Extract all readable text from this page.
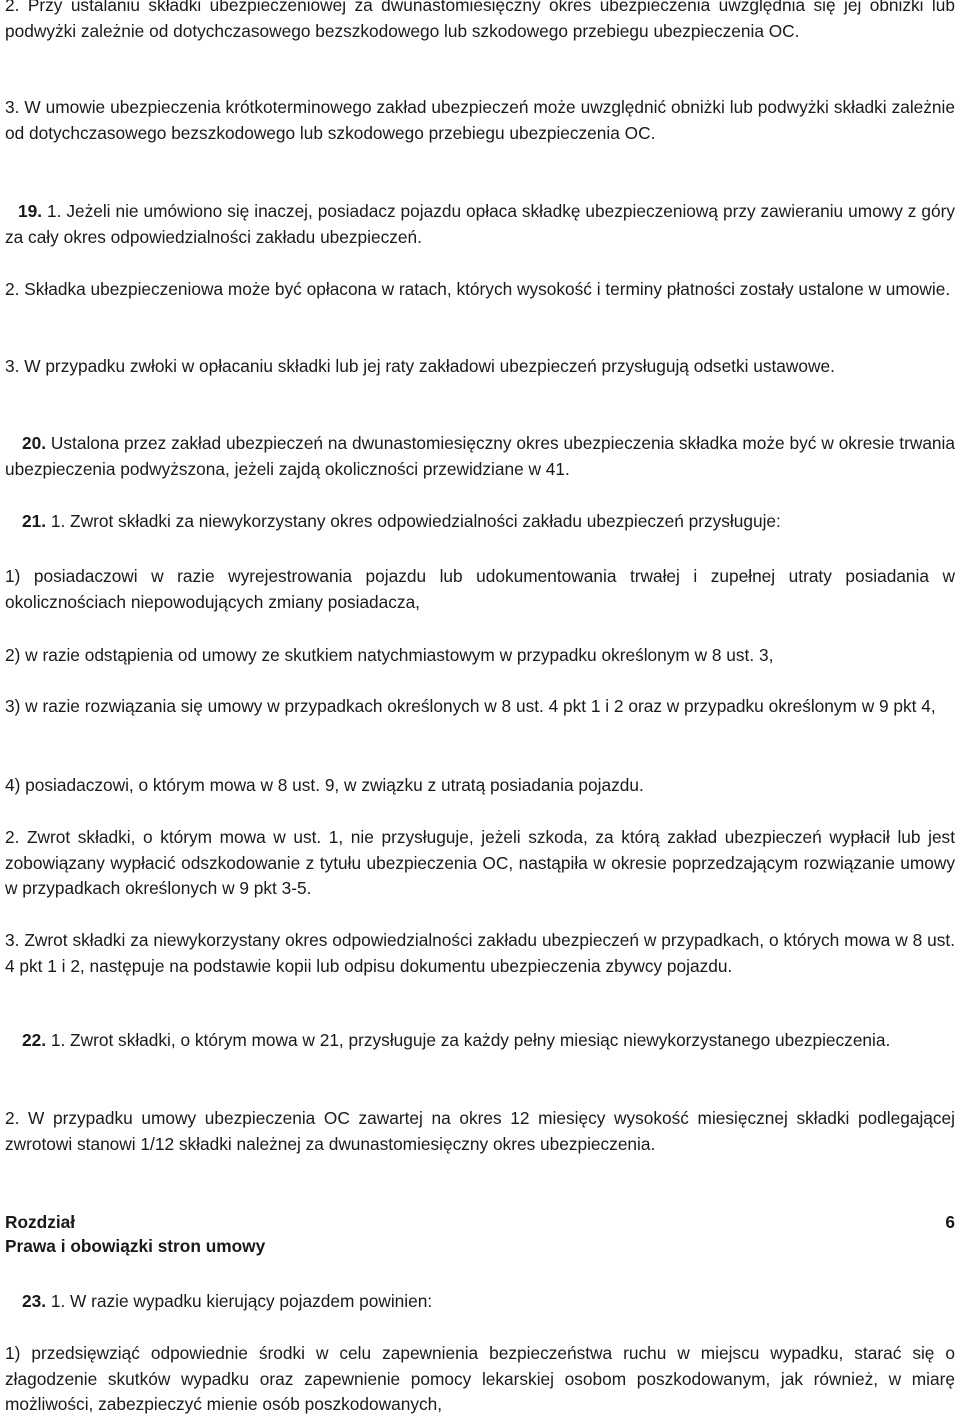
2. Przy ustalaniu składki ubezpieczeniowej za dwunastomiesięczny okres ubezpieczenia uwzględnia się jej obniżki lub podwyżki zależnie od dotychczasowego bezszkodowego lub szkodowego przebiegu ubezpieczenia OC.

3. W umowie ubezpieczenia krótkoterminowego zakład ubezpieczeń może uwzględnić obniżki lub podwyżki składki zależnie od dotychczasowego bezszkodowego lub szkodowego przebiegu ubezpieczenia OC.

19. 1. Jeżeli nie umówiono się inaczej, posiadacz pojazdu opłaca składkę ubezpieczeniową przy zawieraniu umowy z góry za cały okres odpowiedzialności zakładu ubezpieczeń.

2. Składka ubezpieczeniowa może być opłacona w ratach, których wysokość i terminy płatności zostały ustalone w umowie.

3. W przypadku zwłoki w opłacaniu składki lub jej raty zakładowi ubezpieczeń przysługują odsetki ustawowe.

20. Ustalona przez zakład ubezpieczeń na dwunastomiesięczny okres ubezpieczenia składka może być w okresie trwania ubezpieczenia podwyższona, jeżeli zajdą okoliczności przewidziane w 41.

21. 1. Zwrot składki za niewykorzystany okres odpowiedzialności zakładu ubezpieczeń przysługuje:

1) posiadaczowi w razie wyrejestrowania pojazdu lub udokumentowania trwałej i zupełnej utraty posiadania w okolicznościach niepowodujących zmiany posiadacza,

2) w razie odstąpienia od umowy ze skutkiem natychmiastowym w przypadku określonym w 8 ust. 3,

3) w razie rozwiązania się umowy w przypadkach określonych w 8 ust. 4 pkt 1 i 2 oraz w przypadku określonym w 9 pkt 4,

4) posiadaczowi, o którym mowa w 8 ust. 9, w związku z utratą posiadania pojazdu.

2. Zwrot składki, o którym mowa w ust. 1, nie przysługuje, jeżeli szkoda, za którą zakład ubezpieczeń wypłacił lub jest zobowiązany wypłacić odszkodowanie z tytułu ubezpieczenia OC, nastąpiła w okresie poprzedzającym rozwiązanie umowy w przypadkach określonych w 9 pkt 3-5.

3. Zwrot składki za niewykorzystany okres odpowiedzialności zakładu ubezpieczeń w przypadkach, o których mowa w 8 ust. 4 pkt 1 i 2, następuje na podstawie kopii lub odpisu dokumentu ubezpieczenia zbywcy pojazdu.

22. 1. Zwrot składki, o którym mowa w 21, przysługuje za każdy pełny miesiąc niewykorzystanego ubezpieczenia.

2. W przypadku umowy ubezpieczenia OC zawartej na okres 12 miesięcy wysokość miesięcznej składki podlegającej zwrotowi stanowi 1/12 składki należnej za dwunastomiesięczny okres ubezpieczenia.

Rozdział	6
Prawa i obowiązki stron umowy

23. 1. W razie wypadku kierujący pojazdem powinien:

1) przedsięwziąć odpowiednie środki w celu zapewnienia bezpieczeństwa ruchu w miejscu wypadku, starać się o złagodzenie skutków wypadku oraz zapewnienie pomocy lekarskiej osobom poszkodowanym, jak również, w miarę możliwości, zabezpieczyć mienie osób poszkodowanych,
